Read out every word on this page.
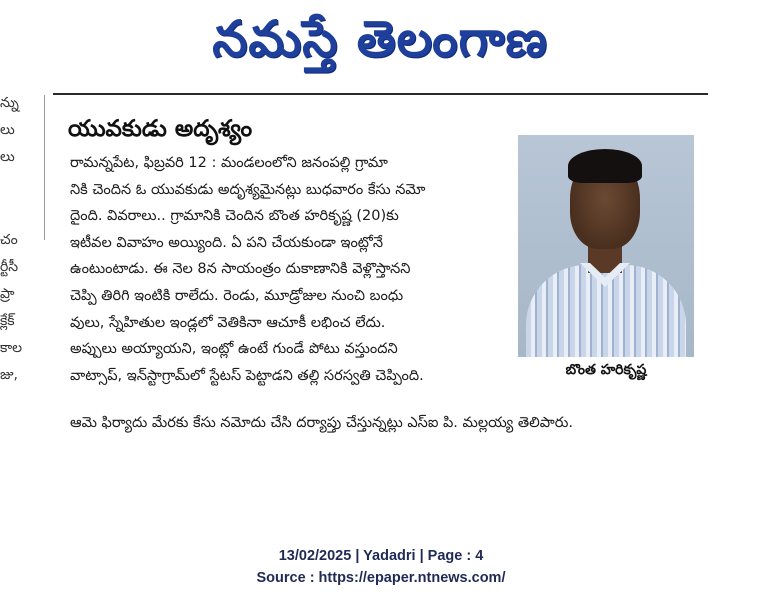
నమస్తే తెలంగాణ
న్ను
లు
లు
చం
ర్టీసీ
ప్రా
క్లేక్
కాల
జు,
యువకుడు అదృశ్యం
రామన్నపేట, ఫిబ్రవరి 12 : మండలంలోని జనంపల్లి గ్రామా
నికి చెందిన ఓ యువకుడు అదృశ్యమైనట్లు బుధవారం కేసు నమో
దైంది. వివరాలు.. గ్రామానికి చెందిన బొంత హరికృష్ణ (20)కు
ఇటీవల వివాహం అయ్యింది. ఏ పని చేయకుండా ఇంట్లోనే
ఉంటుంటాడు. ఈ నెల 8న సాయంత్రం దుకాణానికి వెళ్లొస్తానని
చెప్పి తిరిగి ఇంటికి రాలేదు. రెండు, మూడ్రోజుల నుంచి బంధు
వులు, స్నేహితుల ఇండ్లలో వెతికినా ఆచూకీ లభించ లేదు.
అప్పులు అయ్యాయని, ఇంట్లో ఉంటే గుండే పోటు వస్తుందని
వాట్సాప్, ఇన్‌స్టాగ్రామ్‌లో స్టేటస్ పెట్టాడని తల్లి సరస్వతి చెప్పింది.
ఆమె ఫిర్యాదు మేరకు కేసు నమోదు చేసి దర్యాప్తు చేస్తున్నట్లు ఎస్ఐ పి. మల్లయ్య తెలిపారు.
బొంత హరికృష్ణ
13/02/2025 | Yadadri | Page : 4
Source : https://epaper.ntnews.com/
